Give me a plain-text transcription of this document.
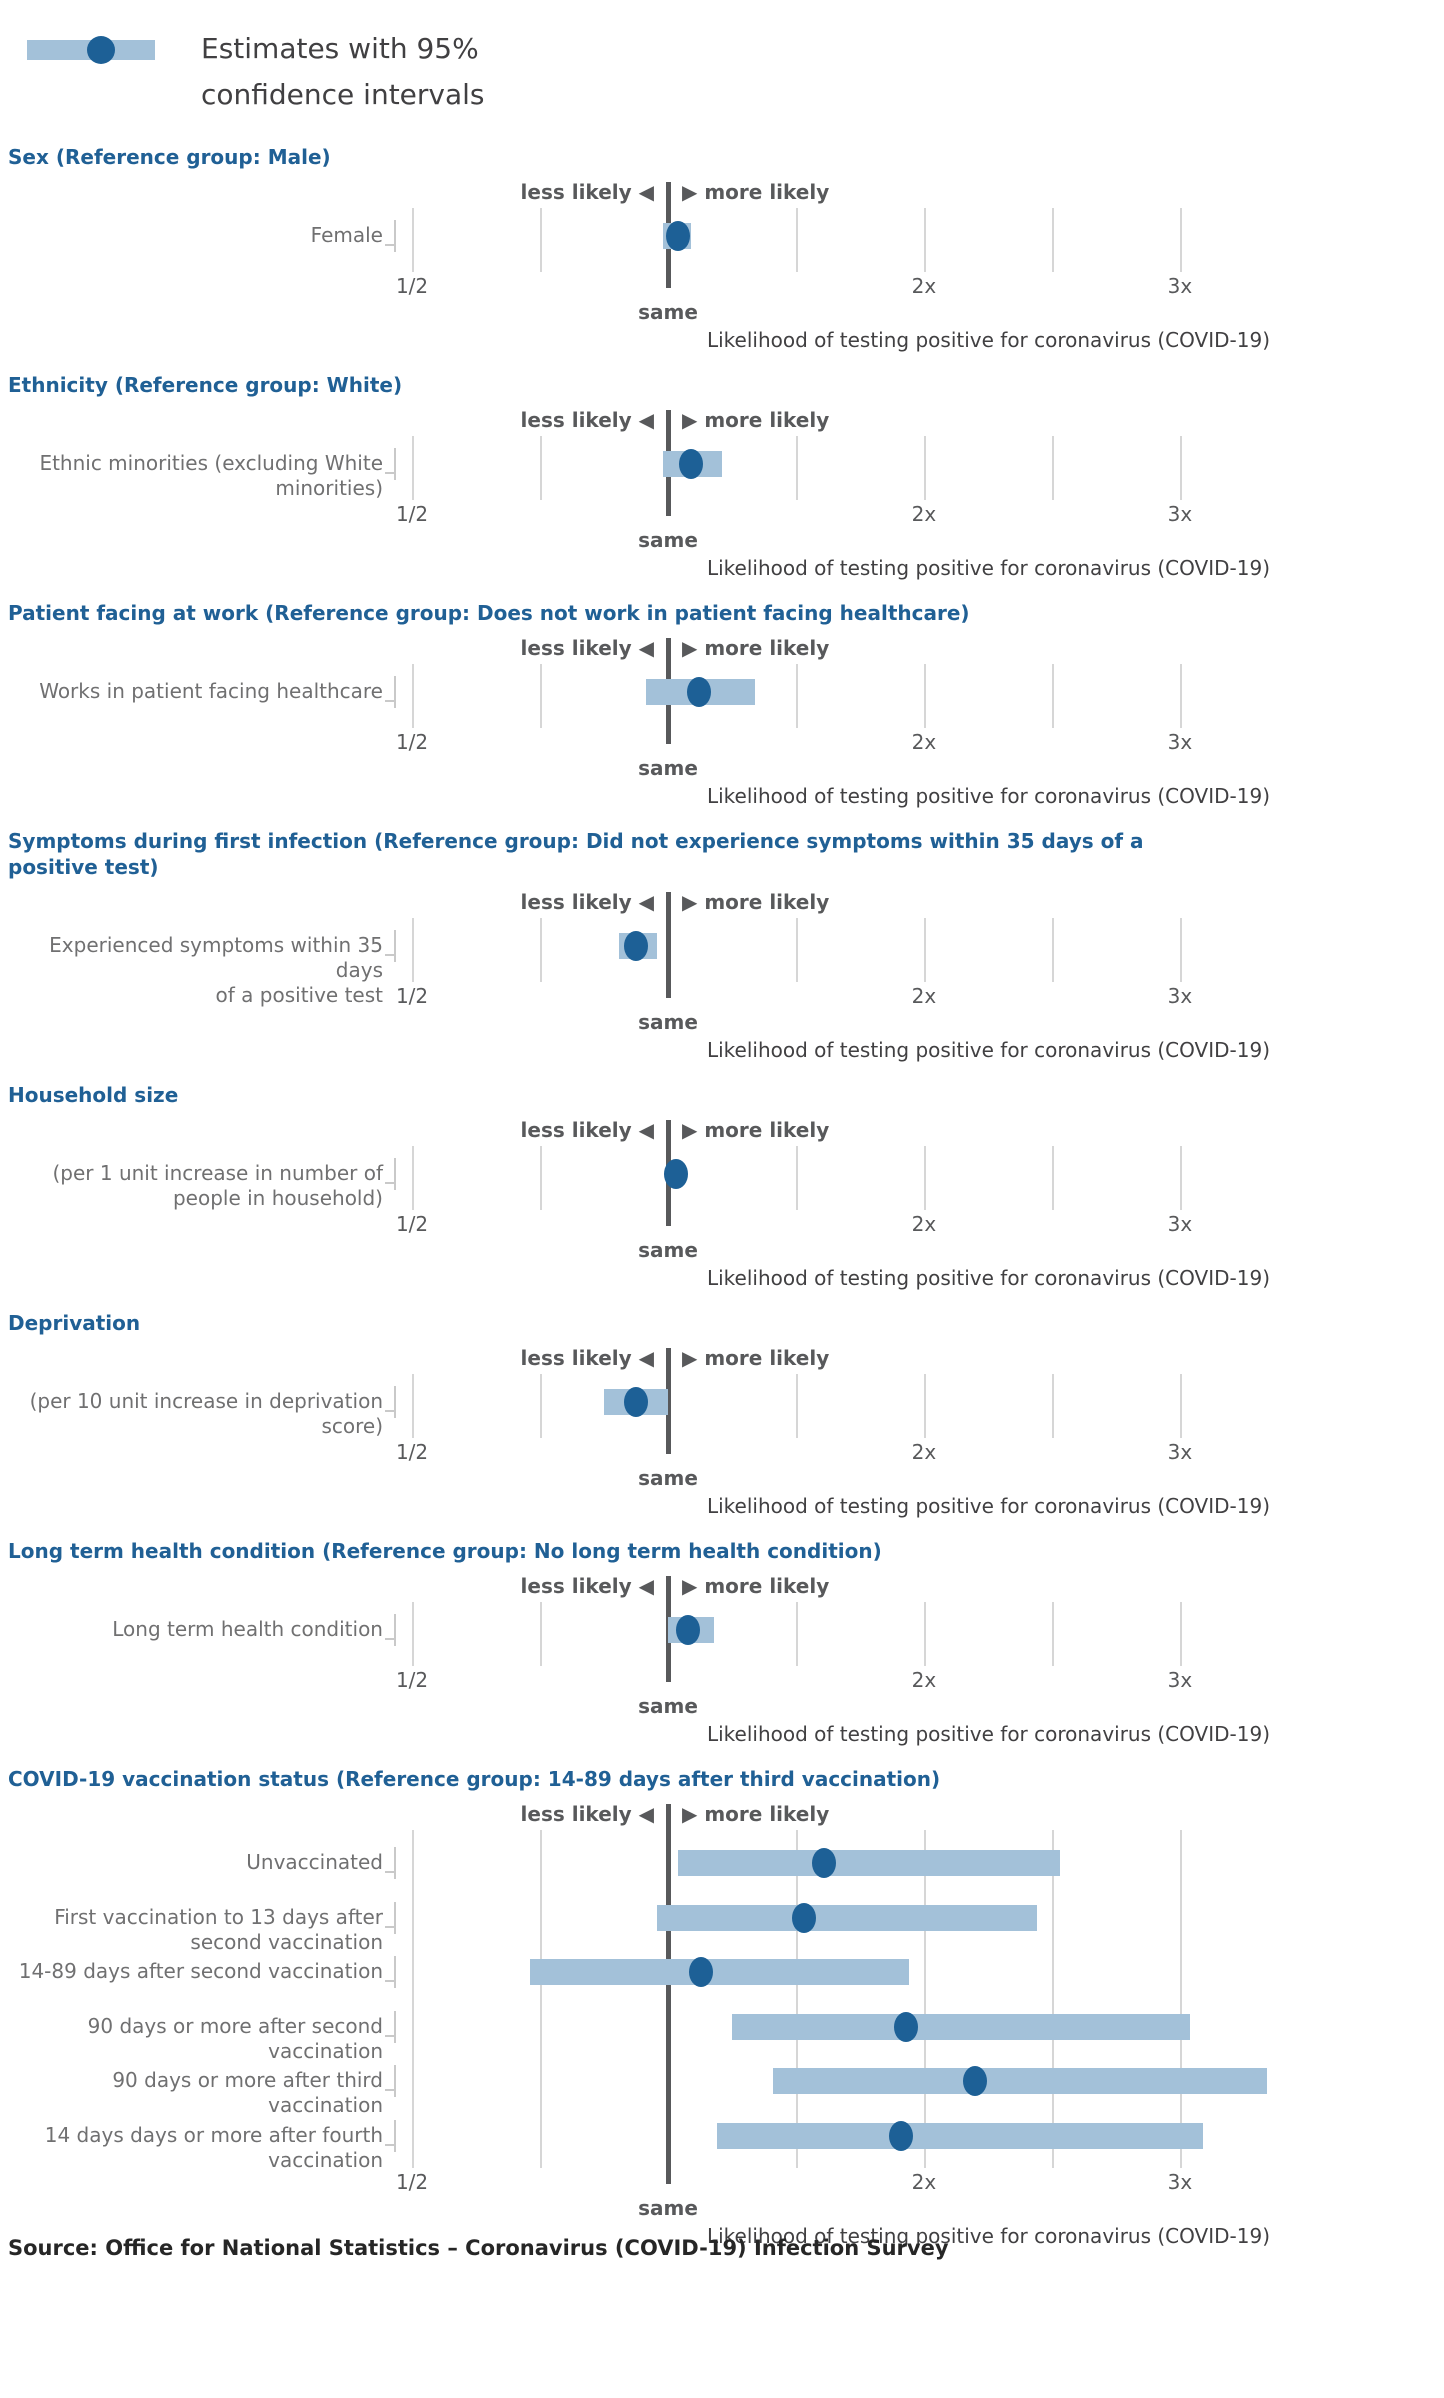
Estimates with 95% confidence intervals
Sex (Reference group: Male)
less likely ◀ ▶ more likely
Female
1/2	2x	3x
same
Likelihood of testing positive for coronavirus (COVID-19)
Ethnicity (Reference group: White)
less likely ◀ ▶ more likely
Ethnic minorities (excluding White
minorities)
1/2	2x	3x
same
Likelihood of testing positive for coronavirus (COVID-19)
Patient facing at work (Reference group: Does not work in patient facing healthcare)
less likely ◀ ▶ more likely
Works in patient facing healthcare
1/2	2x	3x
same
Likelihood of testing positive for coronavirus (COVID-19)
Symptoms during first infection (Reference group: Did not experience symptoms within 35 days of a positive test)
less likely ◀ ▶ more likely
Experienced symptoms within 35 days
of a positive test 1/2	2x	3x
same
Likelihood of testing positive for coronavirus (COVID-19)
Household size
less likely ◀ ▶ more likely
(per 1 unit increase in number of
people in household)
1/2	2x	3x
same
Likelihood of testing positive for coronavirus (COVID-19)
Deprivation
less likely ◀ ▶ more likely
(per 10 unit increase in deprivation
score)
1/2	2x	3x
same
Likelihood of testing positive for coronavirus (COVID-19)
Long term health condition (Reference group: No long term health condition)
less likely ◀ ▶ more likely
Long term health condition
1/2	2x	3x
same
Likelihood of testing positive for coronavirus (COVID-19)
COVID-19 vaccination status (Reference group: 14-89 days after third vaccination)
less likely ◀ ▶ more likely
Unvaccinated
First vaccination to 13 days after
second vaccination
14-89 days after second vaccination
90 days or more after second
vaccination
90 days or more after third vaccination
14 days days or more after fourth
vaccination
1/2	2x	3x
same
Likelihood of testing positive for coronavirus (COVID-19)
Source: Office for National Statistics – Coronavirus (COVID-19) Infection Survey
